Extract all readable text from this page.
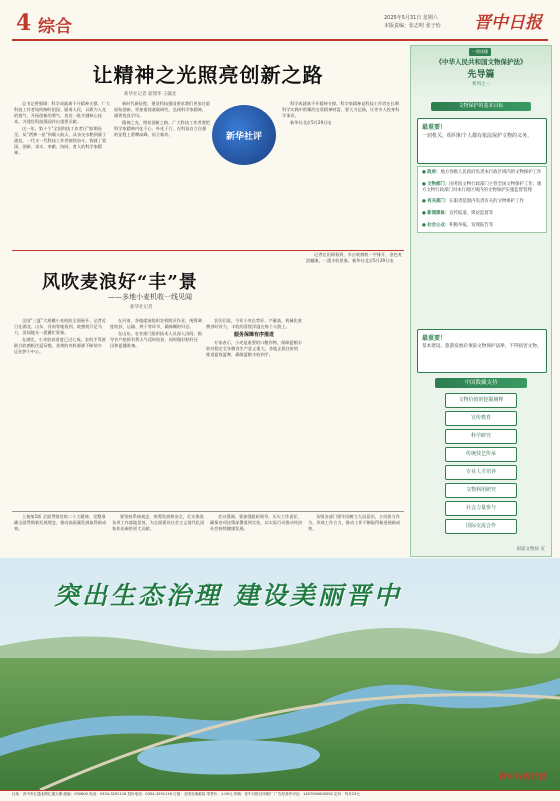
4 综合	2025年5月31日 星期六
本版责编：张志明 张子怡 晋中日报
让精神之光照亮创新之路
新华社记者 翟翔华 王毓北

总书记曾强调：科学成就离不开精神支撑。广大科技工作者始终胸怀祖国、服务人民，以敢为人先的锐气、开拓创新的勇气，攻克一批关键核心技术，为建设科技强国作出重要贡献。

这一年，第十个“全国科技工作者日”如期而至。从“两弹一星”到载人航天，从杂交水稻到量子通信，一代又一代科技工作者接续奋斗，铸就了爱国、创新、求实、奉献、协同、育人的科学家精神。

新时代新征程，建设科技强国要求我们更加注重原始创新，更加重视基础研究，弘扬科学家精神，涵养优良学风。

精神之光，照亮创新之路。广大科技工作者要把科学家精神内化于心、外化于行，在科技自立自强的征程上勇攀高峰、再立新功。	新华社评

科学成就离不开精神支撑。科学家精神是科技工作者在长期科学实践中积累的宝贵精神财富，要大力弘扬，让更多人投身科学事业。

新华社北京5月29日电

风吹麦浪好“丰”景
——多地小麦机收一线见闻
新华社记者

全国“三夏”大规模小麦机收全面展开。记者近日在湖北、山东、河南等地看到，收割机开足马力，田间地头一派繁忙景象。

在湖北，小麦收获进度已过七成。农机手驾驶联合收割机往返穿梭，金黄的麦粒源源不断装车运往烘干中心。

在河南，各地提前组织农机跨区作业，统筹调度收获、运输、烘干等环节，确保颗粒归仓。

在山东，农业部门组织技术人员深入田间，指导农户抢抓有利天气适时收获，同时做好秸秆还田和夏播准备。

农民们说，今年小麦长势好、产量高，机械化收割省时省力，丰收的喜悦洋溢在每个人脸上。

服务保障有序推进

专家表示，小麦是重要的口粮作物，保障夏粮丰收对稳定全年粮食生产意义重大。各地正抓住时机推进夏收夏种，确保夏粮丰收到手。

记者在田间看到，多台收割机一字排开，金色麦浪翻滚，一派丰收景象。新华社北京5月29日电

上接第1版 全面贯彻党的二十大精神，完整准确全面贯彻新发展理念，推动高质量发展取得新成效。

要坚持系统观念，统筹发展和安全，扎实推进各项工作落地见效，为全面建设社会主义现代化国家作出新的更大贡献。

会议强调，要加强组织领导，压实工作责任，确保各项决策部署落到实处，以实际行动推动经济社会持续健康发展。

各级各部门要牢固树立大局意识，主动担当作为，形成工作合力，推动工作不断取得新进展新成效。

一图读懂
《中华人民共和国文物保护法》
先导篇
系列之一
文物保护的基本目标
最重要！
一切机关、组织和个人都有依法保护文物的义务。
● 政府：地方各级人民政府负责本行政区域内的文物保护工作
● 文物部门：国务院文物行政部门主管全国文物保护工作；地方文物行政部门对本行政区域内的文物保护实施监督管理
● 有关部门：在职责范围内负责有关的文物保护工作
● 新闻媒体：宣传报道、舆论监督等
● 社会公众：积极举报、发现报告等
最重要！
基本建设、旅游发展必须依文物保护法律，不得损害文物。
中国数藏支持
文物价值的挖掘阐释
宣传教育
科学研究
传统技艺传承
专业人才培养
文物利用研究
社会力量参与
国际交流合作
国家文物局 宣
突出生态治理 建设美丽晋中
晋中日报社宣
社址：晋中市汇通北路汇通大厦 邮编：030600 电话：0354-3291116 投诉电话：0354-3291116 订阅：全国各地邮局 零售价：1.00元 印刷：晋中日报社印刷厂 广告经营许可证：1407004000002 定价：每月23元
